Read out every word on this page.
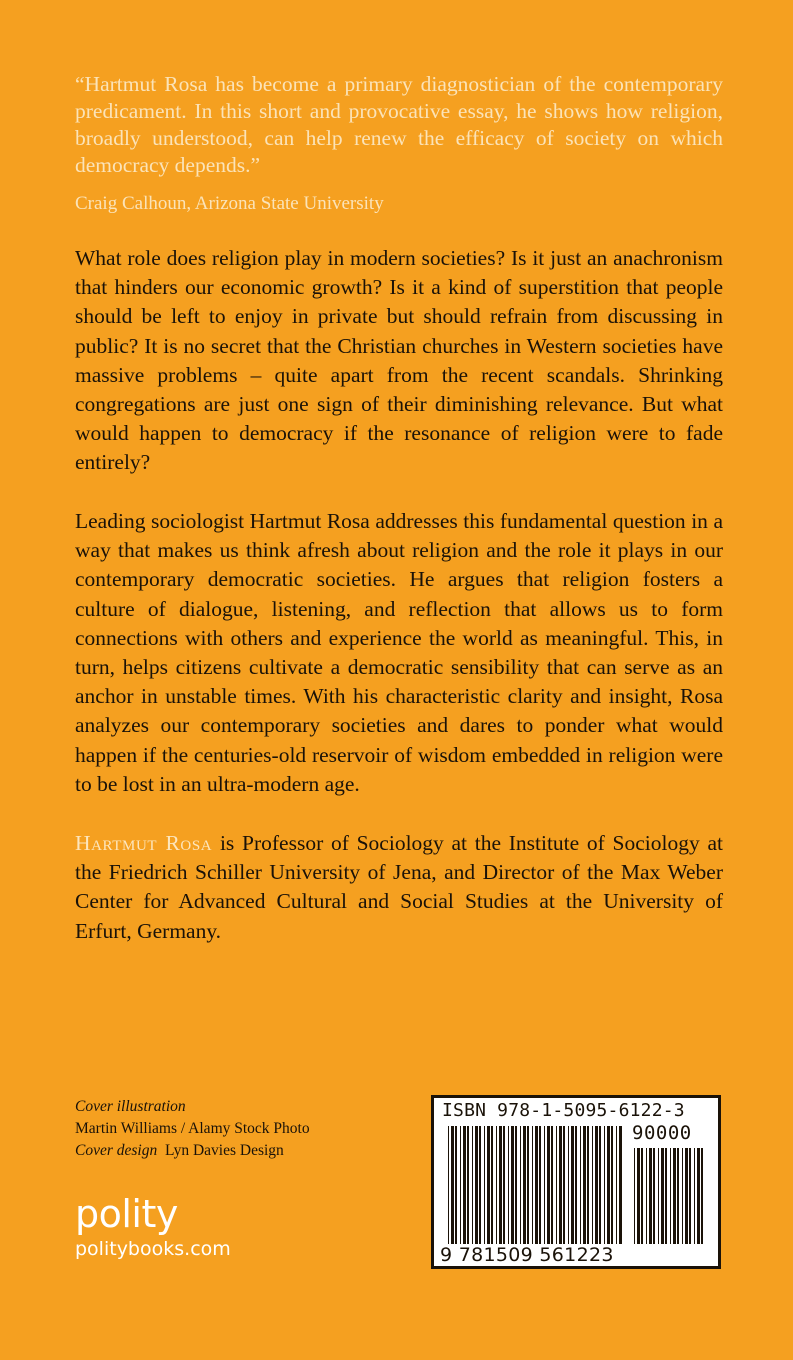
“Hartmut Rosa has become a primary diagnostician of the contemporary predicament. In this short and provocative essay, he shows how religion, broadly understood, can help renew the efficacy of society on which democracy depends.”

Craig Calhoun, Arizona State University

What role does religion play in modern societies? Is it just an anachronism that hinders our economic growth? Is it a kind of superstition that people should be left to enjoy in private but should refrain from discussing in public? It is no secret that the Christian churches in Western societies have massive problems – quite apart from the recent scandals. Shrinking congregations are just one sign of their diminishing relevance. But what would happen to democracy if the resonance of religion were to fade entirely?

Leading sociologist Hartmut Rosa addresses this fundamental question in a way that makes us think afresh about religion and the role it plays in our contemporary democratic societies. He argues that religion fosters a culture of dialogue, listening, and reflection that allows us to form connections with others and experience the world as meaningful. This, in turn, helps citizens cultivate a democratic sensibility that can serve as an anchor in unstable times. With his characteristic clarity and insight, Rosa analyzes our contemporary societies and dares to ponder what would happen if the centuries-old reservoir of wisdom embedded in religion were to be lost in an ultra-modern age.

Hartmut Rosa is Professor of Sociology at the Institute of Sociology at the Friedrich Schiller University of Jena, and Director of the Max Weber Center for Advanced Cultural and Social Studies at the University of Erfurt, Germany.

Cover illustration
Martin Williams / Alamy Stock Photo
Cover design Lyn Davies Design
polity
politybooks.com
ISBN 978-1-5095-6122-3
90000
9 781509 561223
